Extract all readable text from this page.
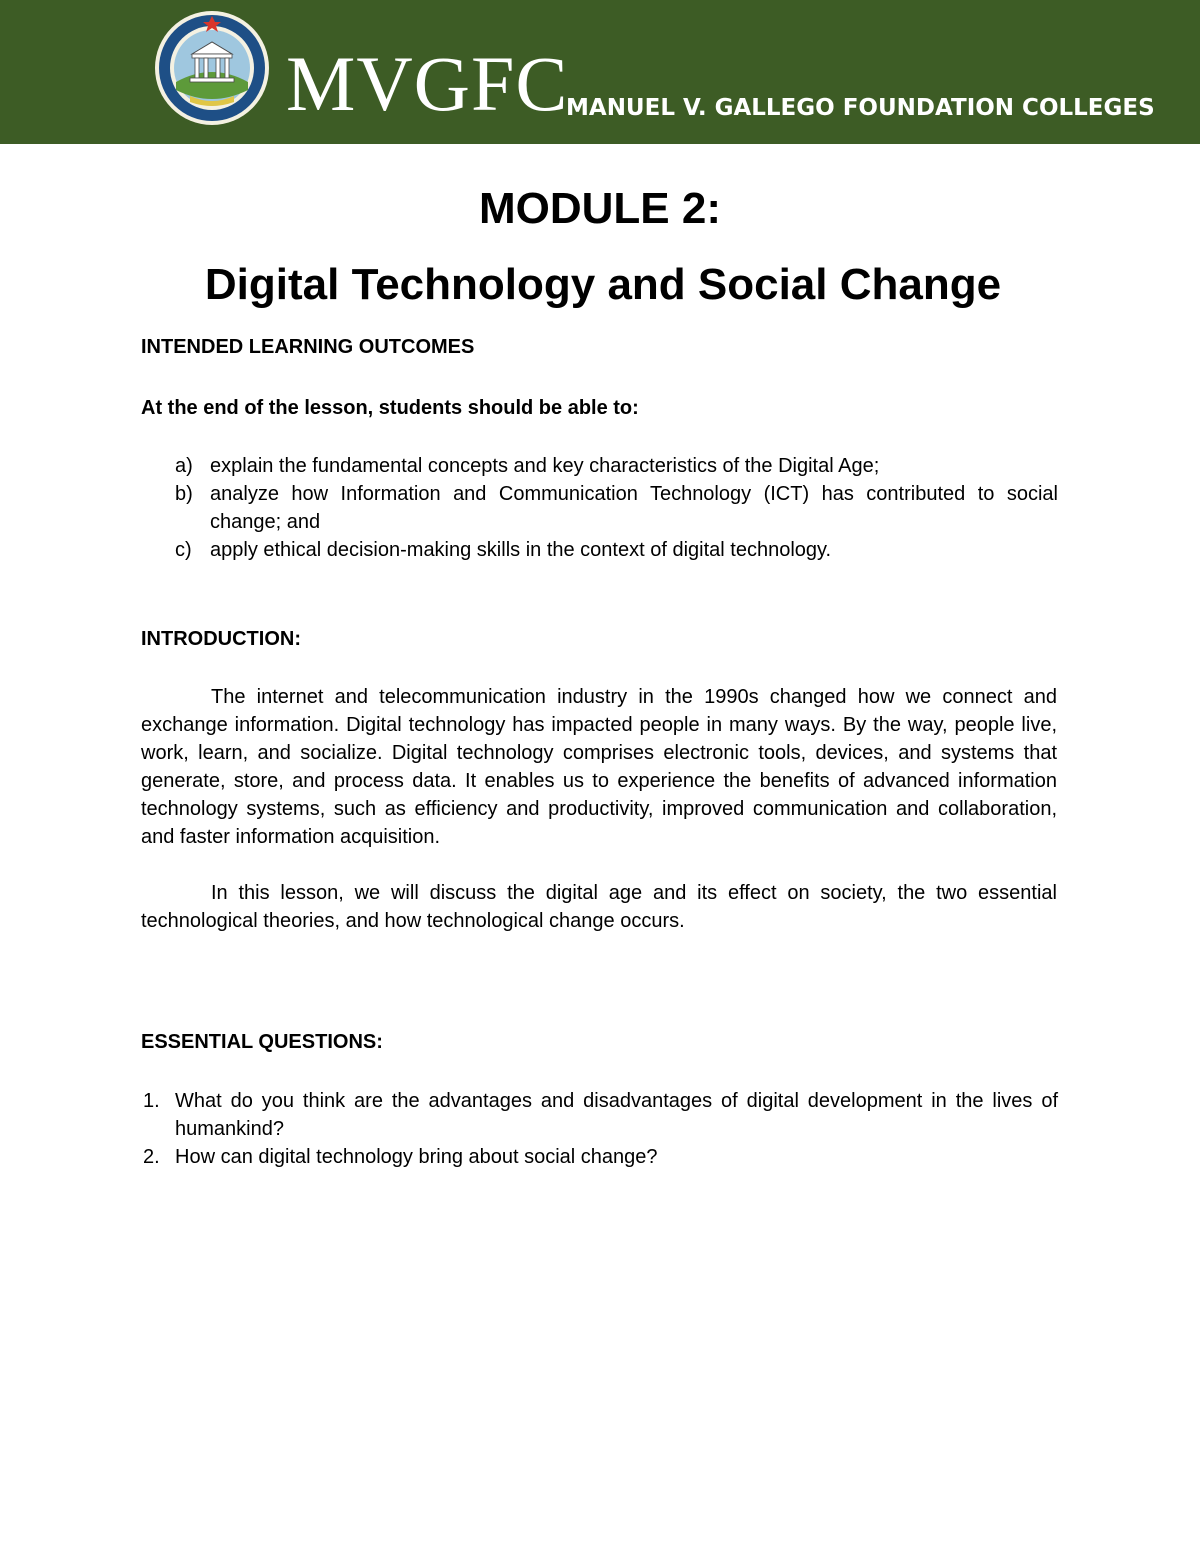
MVGFC
MANUEL V. GALLEGO FOUNDATION COLLEGES
MODULE 2:
Digital Technology and Social Change
INTENDED LEARNING OUTCOMES
At the end of the lesson, students should be able to:
a) explain the fundamental concepts and key characteristics of the Digital Age;
b) analyze how Information and Communication Technology (ICT) has contributed to social change; and
c) apply ethical decision-making skills in the context of digital technology.
INTRODUCTION:

The internet and telecommunication industry in the 1990s changed how we connect and exchange information. Digital technology has impacted people in many ways. By the way, people live, work, learn, and socialize. Digital technology comprises electronic tools, devices, and systems that generate, store, and process data. It enables us to experience the benefits of advanced information technology systems, such as efficiency and productivity, improved communication and collaboration, and faster information acquisition.

In this lesson, we will discuss the digital age and its effect on society, the two essential technological theories, and how technological change occurs.

ESSENTIAL QUESTIONS:
1. What do you think are the advantages and disadvantages of digital development in the lives of humankind?
2. How can digital technology bring about social change?
